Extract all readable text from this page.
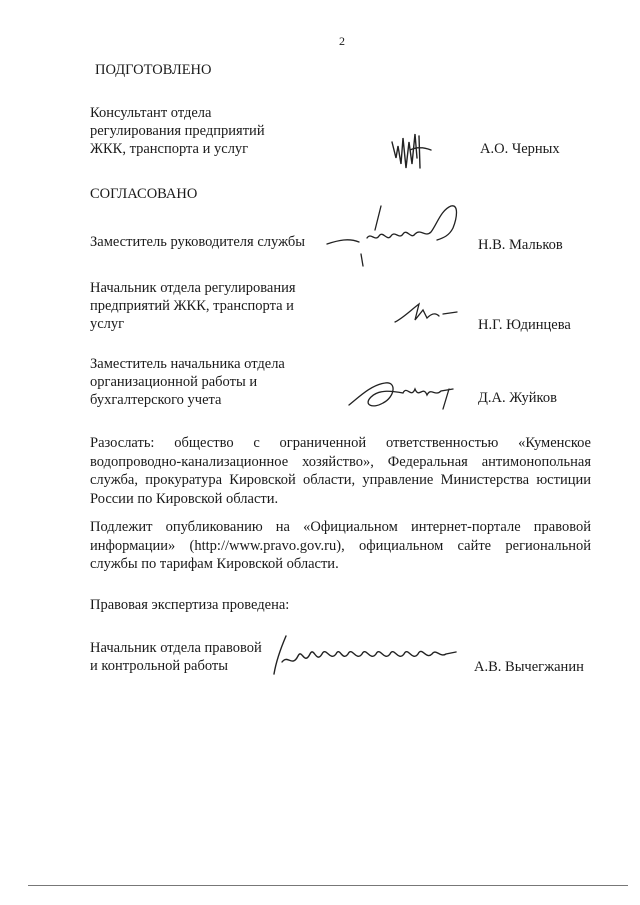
2
ПОДГОТОВЛЕНО
Консультант отдела
регулирования предприятий
ЖКК, транспорта и услуг	А.О. Черных
СОГЛАСОВАНО
Заместитель руководителя службы	Н.В. Мальков
Начальник отдела регулирования
предприятий ЖКК, транспорта и
услуг	Н.Г. Юдинцева
Заместитель начальника отдела
организационной работы и
бухгалтерского учета	Д.А. Жуйков
Разослать: общество с ограниченной ответственностью «Куменское водопроводно-канализационное хозяйство», Федеральная антимонопольная служба, прокуратура Кировской области, управление Министерства юстиции России по Кировской области.
Подлежит опубликованию на «Официальном интернет-портале правовой информации» (http://www.pravo.gov.ru), официальном сайте региональной службы по тарифам Кировской области.
Правовая экспертиза проведена:
Начальник отдела правовой
и контрольной работы	А.В. Вычегжанин
